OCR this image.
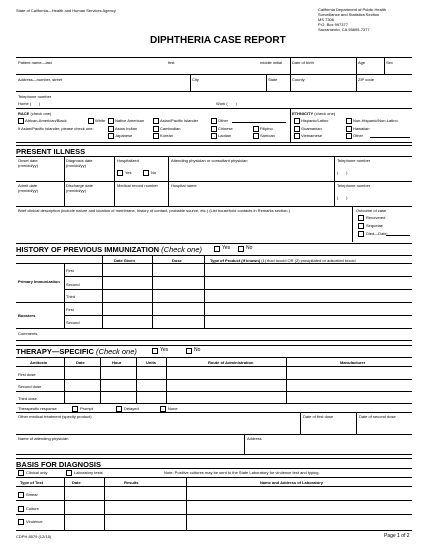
State of California—Health and Human Services Agency	California Department of Public Health
Surveillance and Statistics Section
MS 7306
P.O. Box 997377
Sacramento, CA 95899-7377
DIPHTHERIA CASE REPORT
Patient name—last	first	middle initial Date of birth	Age	Sex
Address—number, street	City	State	County	ZIP code
Telephone number
Home (       )	Work (       )
RACE (check one)	ETHNICITY (check one)
African-American/Black	White Native American	Asian/Pacific Islander	Other	Hispanic/Latino	Non-Hispanic/Non-Latino
If Asian/Pacific Islander, please check one:	Asian Indian	Cambodian	Chinese	Filipino	Guamanian	Hawaiian
Japanese	Korean	Laotian	Samoan	Vietnamese	Other
PRESENT ILLNESS
Onset date
(mm/dd/yy)
Diagnosis date
(mm/dd/yy)
Hospitalized
Yes	No
Attending physician or consultant physician	Telephone number
(       )
Admit date
(mm/dd/yy)
Discharge date
(mm/dd/yy)
Medical record number	Hospital name	Telephone number
(       )
Brief clinical description (include nature and location of membrane, history of contact, probable source, etc.) (List household contacts in Remarks section.)	Outcome of case
Recovered
Sequelae
Died—Date:
HISTORY OF PREVIOUS IMMUNIZATION (Check one)	Yes	No
Date Given	Dose	Type of Product (If known) (1) fluid toxoid OR (2) precipitated or adsorbed toxoid
First
Primary Immunization
Second
Third
First
Boosters
Second
Comments
THERAPY—SPECIFIC (Check one)	Yes	No
Antitoxin	Date	Hour	Units	Route of Administration	Manufacturer
First dose
Second dose
Third dose
Therapeutic response	Prompt	Delayed	None
Other medical treatment (specify product)	Date of first dose	Date of second dose
Name of attending physician	Address
BASIS FOR DIAGNOSIS
Clinical only	Laboratory tests	Note: Positive cultures may be sent to the State Laboratory for virulence test and typing.
Type of Test	Date	Results	Name and Address of Laboratory
Smear
Culture
Virulence
CDPH 8579 (12/15)	Page 1 of 2
